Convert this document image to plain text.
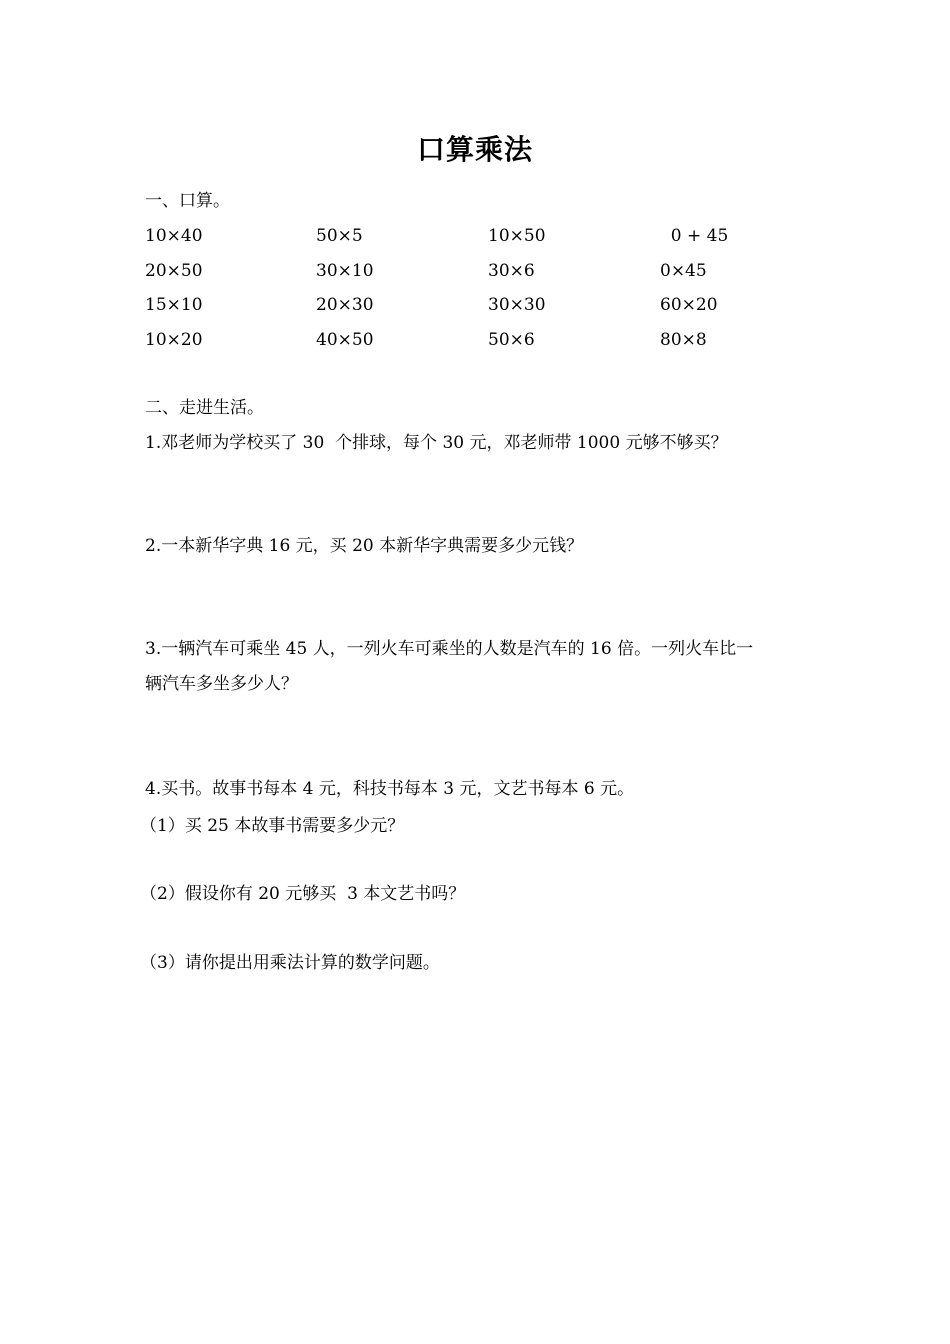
口算乘法
一、口算。
10×40	50×5	10×50	0 + 45
20×50	30×10	30×6	0×45
15×10	20×30	30×30	60×20
10×20	40×50	50×6	80×8
二、走进生活。
1.邓老师为学校买了 30  个排球，每个 30 元，邓老师带 1000 元够不够买？
2.一本新华字典 16 元，买 20 本新华字典需要多少元钱？
3.一辆汽车可乘坐 45 人，一列火车可乘坐的人数是汽车的 16 倍。一列火车比一
辆汽车多坐多少人？
4.买书。故事书每本 4 元，科技书每本 3 元，文艺书每本 6 元。
（1）买 25 本故事书需要多少元？
（2）假设你有 20 元够买  3 本文艺书吗？
（3）请你提出用乘法计算的数学问题。
